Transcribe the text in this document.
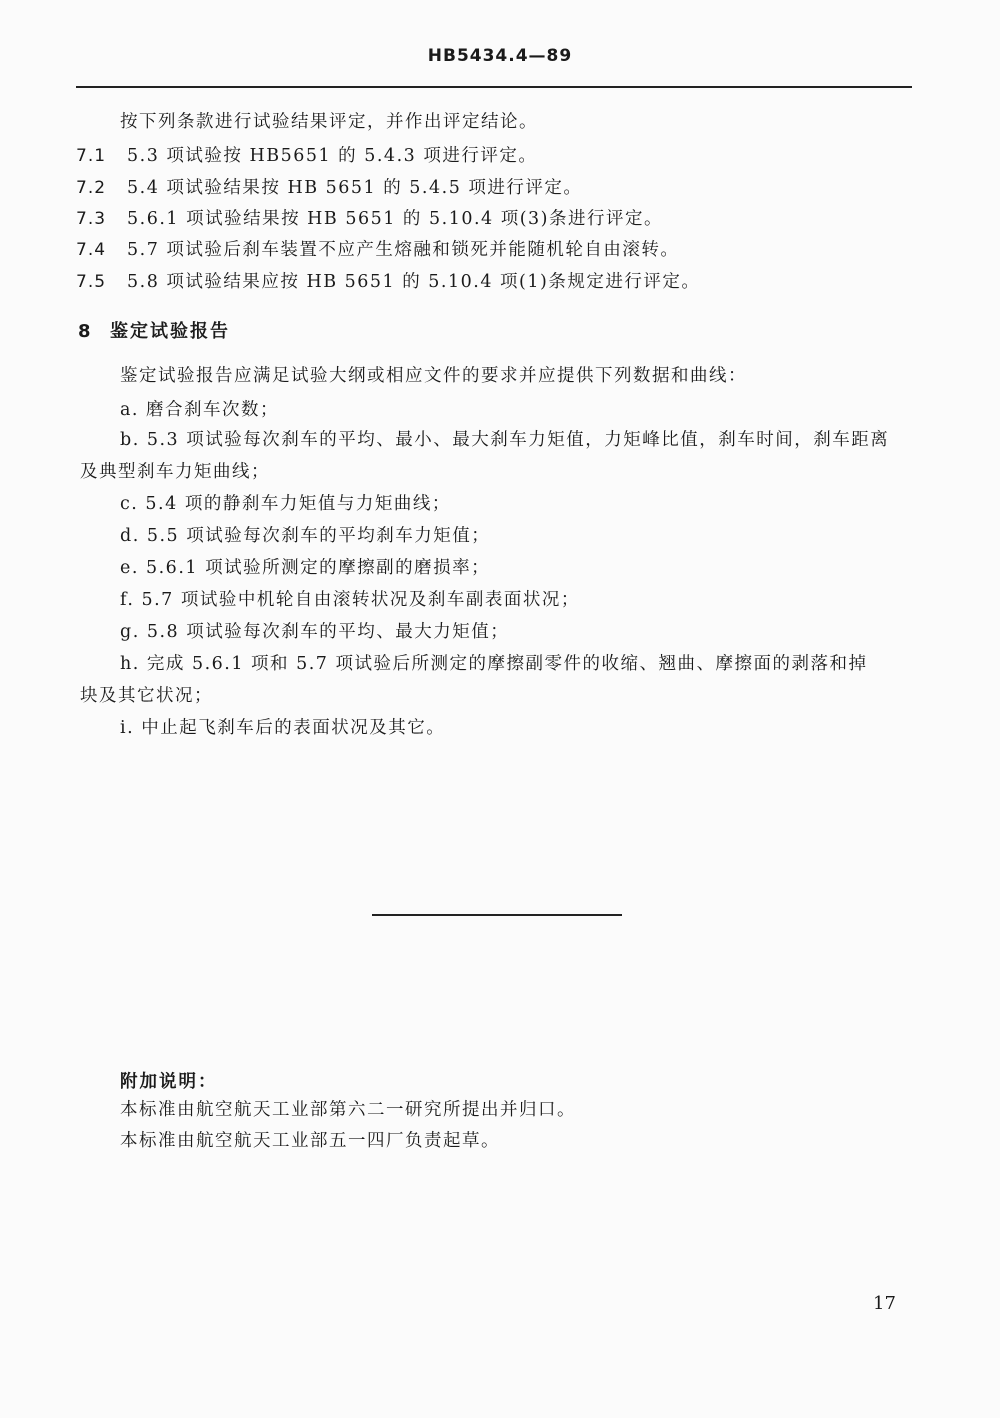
HB5434.4—89
按下列条款进行试验结果评定，并作出评定结论。
7.1 5.3 项试验按 HB5651 的 5.4.3 项进行评定。
7.2 5.4 项试验结果按 HB 5651 的 5.4.5 项进行评定。
7.3 5.6.1 项试验结果按 HB 5651 的 5.10.4 项(3)条进行评定。
7.4 5.7 项试验后刹车装置不应产生熔融和锁死并能随机轮自由滚转。
7.5 5.8 项试验结果应按 HB 5651 的 5.10.4 项(1)条规定进行评定。
8 鉴定试验报告
鉴定试验报告应满足试验大纲或相应文件的要求并应提供下列数据和曲线：
a. 磨合刹车次数；
b. 5.3 项试验每次刹车的平均、最小、最大刹车力矩值，力矩峰比值，刹车时间，刹车距离
及典型刹车力矩曲线；
c. 5.4 项的静刹车力矩值与力矩曲线；
d. 5.5 项试验每次刹车的平均刹车力矩值；
e. 5.6.1 项试验所测定的摩擦副的磨损率；
f. 5.7 项试验中机轮自由滚转状况及刹车副表面状况；
g. 5.8 项试验每次刹车的平均、最大力矩值；
h. 完成 5.6.1 项和 5.7 项试验后所测定的摩擦副零件的收缩、翘曲、摩擦面的剥落和掉
块及其它状况；
i. 中止起飞刹车后的表面状况及其它。
附加说明：
本标准由航空航天工业部第六二一研究所提出并归口。
本标准由航空航天工业部五一四厂负责起草。
17
